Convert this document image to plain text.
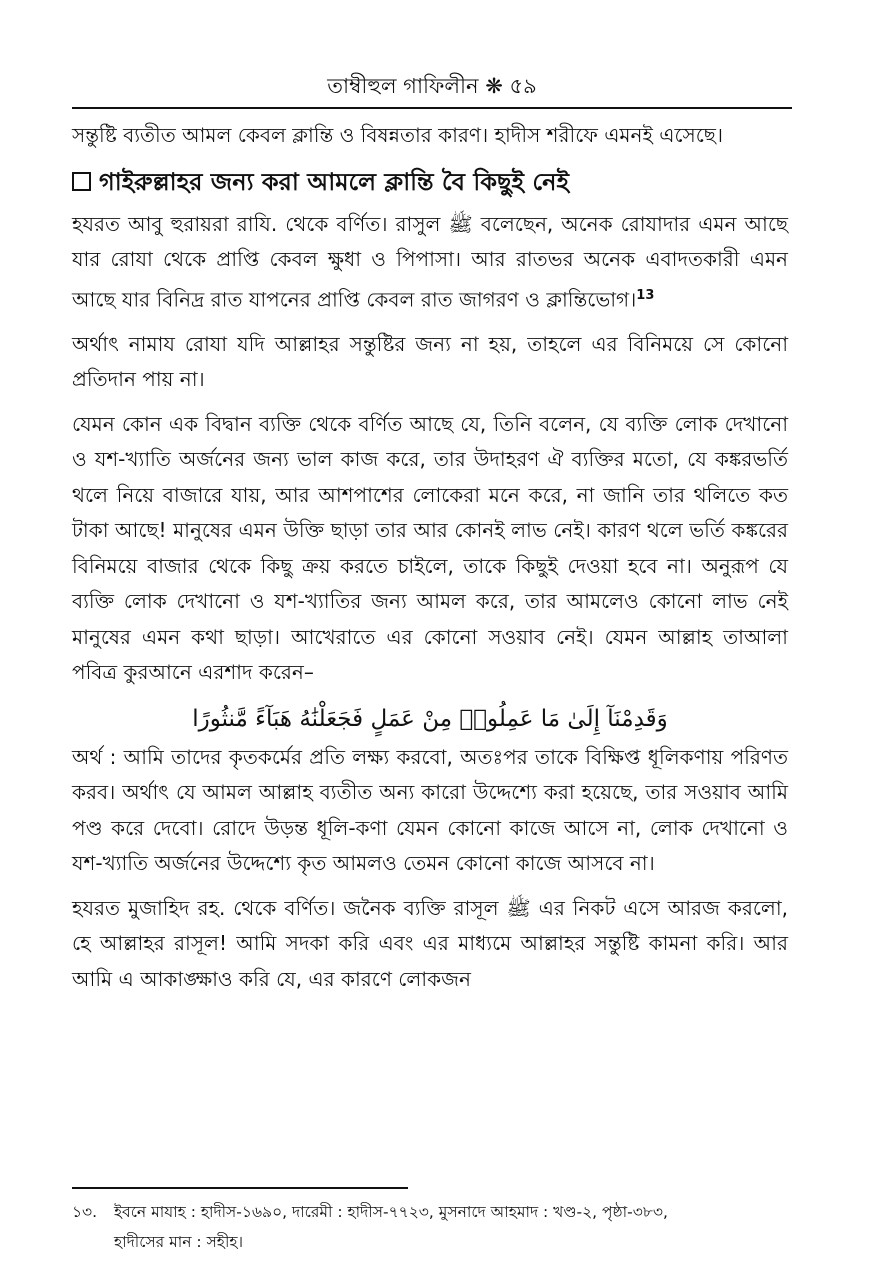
তাম্বীহুল গাফিলীন ❋ ৫৯

সন্তুষ্টি ব্যতীত আমল কেবল ক্লান্তি ও বিষন্নতার কারণ। হাদীস শরীফে এমনই এসেছে।

গাইরুল্লাহর জন্য করা আমলে ক্লান্তি বৈ কিছুই নেই

হযরত আবু হুরায়রা রাযি. থেকে বর্ণিত। রাসুল ﷺ বলেছেন, অনেক রোযাদার এমন আছে যার রোযা থেকে প্রাপ্তি কেবল ক্ষুধা ও পিপাসা। আর রাতভর অনেক এবাদতকারী এমন আছে যার বিনিদ্র রাত যাপনের প্রাপ্তি কেবল রাত জাগরণ ও ক্লান্তিভোগ।$^{13}$

অর্থাৎ নামায রোযা যদি আল্লাহর সন্তুষ্টির জন্য না হয়, তাহলে এর বিনিময়ে সে কোনো প্রতিদান পায় না।

যেমন কোন এক বিদ্বান ব্যক্তি থেকে বর্ণিত আছে যে, তিনি বলেন, যে ব্যক্তি লোক দেখানো ও যশ-খ্যাতি অর্জনের জন্য ভাল কাজ করে, তার উদাহরণ ঐ ব্যক্তির মতো, যে কঙ্করভর্তি থলে নিয়ে বাজারে যায়, আর আশপাশের লোকেরা মনে করে, না জানি তার থলিতে কত টাকা আছে! মানুষের এমন উক্তি ছাড়া তার আর কোনই লাভ নেই। কারণ থলে ভর্তি কঙ্করের বিনিময়ে বাজার থেকে কিছু ক্রয় করতে চাইলে, তাকে কিছুই দেওয়া হবে না। অনুরূপ যে ব্যক্তি লোক দেখানো ও যশ-খ্যাতির জন্য আমল করে, তার আমলেও কোনো লাভ নেই মানুষের এমন কথা ছাড়া। আখেরাতে এর কোনো সওয়াব নেই। যেমন আল্লাহ তাআলা পবিত্র কুরআনে এরশাদ করেন–

وَقَدِمْنَآ إِلَىٰ مَا عَمِلُوا۟ مِنْ عَمَلٍ فَجَعَلْنَٰهُ هَبَآءً مَّنثُورًا

অর্থ : আমি তাদের কৃতকর্মের প্রতি লক্ষ্য করবো, অতঃপর তাকে বিক্ষিপ্ত ধূলিকণায় পরিণত করব। অর্থাৎ যে আমল আল্লাহ ব্যতীত অন্য কারো উদ্দেশ্যে করা হয়েছে, তার সওয়াব আমি পণ্ড করে দেবো। রোদে উড়ন্ত ধূলি-কণা যেমন কোনো কাজে আসে না, লোক দেখানো ও যশ-খ্যাতি অর্জনের উদ্দেশ্যে কৃত আমলও তেমন কোনো কাজে আসবে না।

হযরত মুজাহিদ রহ. থেকে বর্ণিত। জনৈক ব্যক্তি রাসূল ﷺ এর নিকট এসে আরজ করলো, হে আল্লাহর রাসূল! আমি সদকা করি এবং এর মাধ্যমে আল্লাহর সন্তুষ্টি কামনা করি। আর আমি এ আকাঙ্ক্ষাও করি যে, এর কারণে লোকজন

১৩. ইবনে মাযাহ : হাদীস-১৬৯০, দারেমী : হাদীস-৭৭২৩, মুসনাদে আহমাদ : খণ্ড-২, পৃষ্ঠা-৩৮৩,
হাদীসের মান : সহীহ।
